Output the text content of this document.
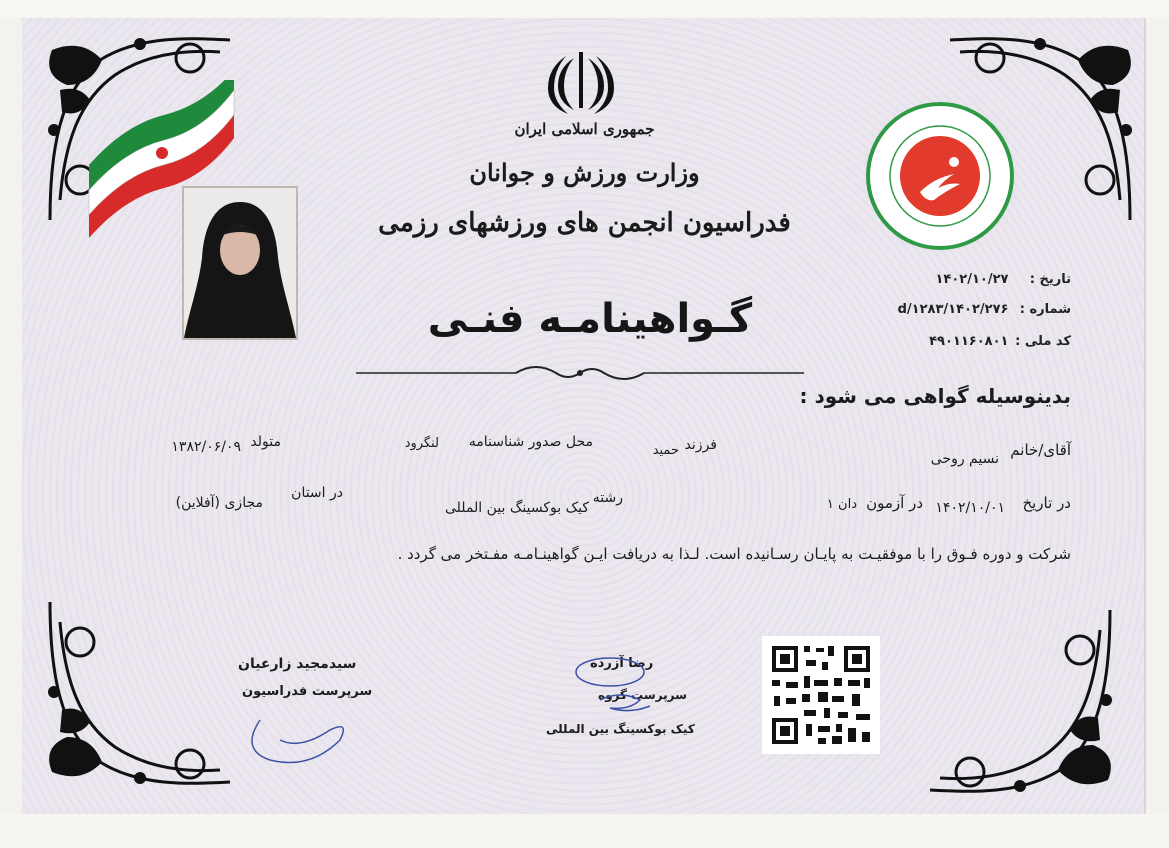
جمهوری اسلامی ایران
وزارت ورزش و جوانان
فدراسیون انجمن های ورزشهای رزمی
تاریخ : ۱۴۰۲/۱۰/۲۷
شماره : ۱۴۰۲/۲۷۶/d/۱۲۸۳
کد ملی : ۴۹۰۱۱۶۰۸۰۱
گـواهینامـه فنـی
بدینوسیله گواهی می شود :
آقای/خانم
نسیم روحی
فرزند
حمید
محل صدور شناسنامه
لنگرود
متولد
۱۳۸۲/۰۶/۰۹
در تاریخ
۱۴۰۲/۱۰/۰۱
در آزمون
دان ۱
رشته
کیک بوکسینگ بین المللی
در استان
مجازی (آفلاین)
شرکت و دوره فـوق را با موفقیـت به پایـان رسـانیده است. لـذا به دریافت ایـن گواهینـامـه مفـتخر می گردد .
سیدمجید زارعیان
سرپرست فدراسیون
رضا آزرده
سرپرست گروه
کیک بوکسینگ بین المللی
